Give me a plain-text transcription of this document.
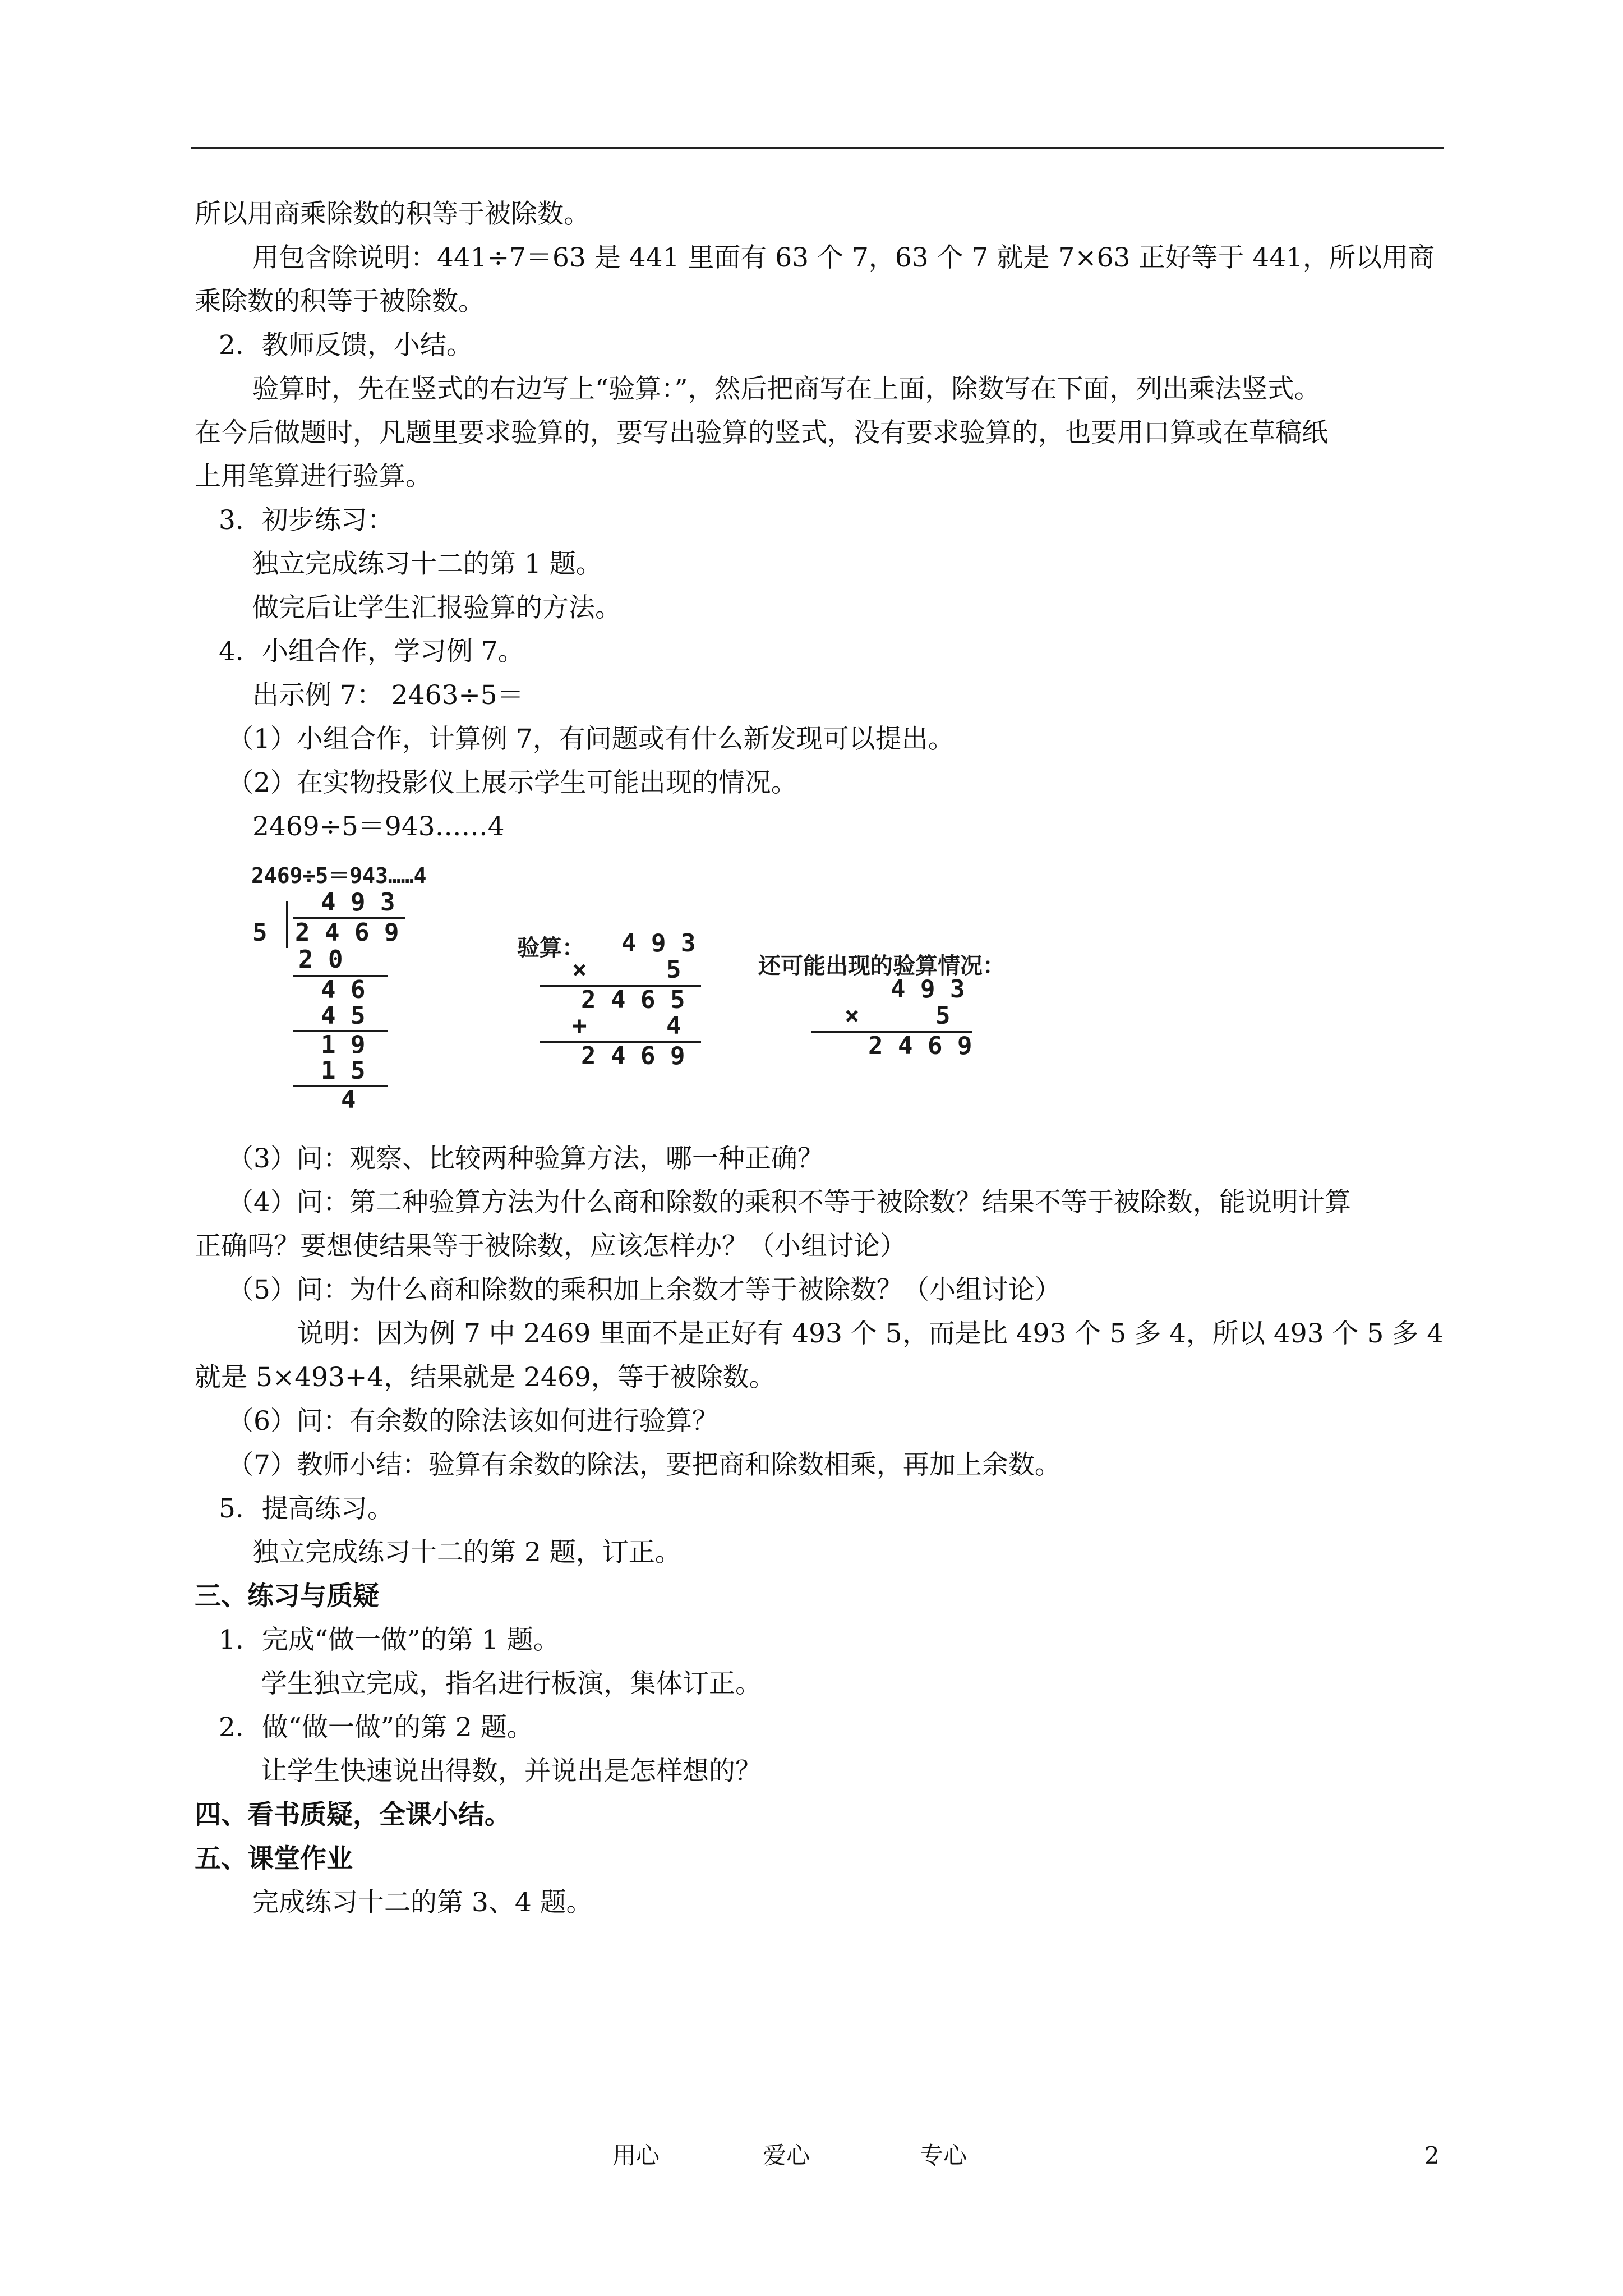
所以用商乘除数的积等于被除数。
用包含除说明：441÷7＝63 是 441 里面有 63 个 7，63 个 7 就是 7×63 正好等于 441，所以用商
乘除数的积等于被除数。
2．教师反馈，小结。
验算时，先在竖式的右边写上“验算：”，然后把商写在上面，除数写在下面，列出乘法竖式。
在今后做题时，凡题里要求验算的，要写出验算的竖式，没有要求验算的，也要用口算或在草稿纸
上用笔算进行验算。
3．初步练习：
独立完成练习十二的第 1 题。
做完后让学生汇报验算的方法。
4．小组合作，学习例 7。
出示例 7： 2463÷5＝
（1）小组合作，计算例 7，有问题或有什么新发现可以提出。
（2）在实物投影仪上展示学生可能出现的情况。
2469÷5＝943……4
2469÷5＝943……4
4 9 3
5 2 4 6 9
2 0
4 6
4 5
1 9
1 5
4
验算： 4 9 3
×	5
2 4 6 5
+	4
2 4 6 9
还可能出现的验算情况：
4 9 3
×	5
2 4 6 9
（3）问：观察、比较两种验算方法，哪一种正确？
（4）问：第二种验算方法为什么商和除数的乘积不等于被除数？结果不等于被除数，能说明计算
正确吗？要想使结果等于被除数，应该怎样办？（小组讨论）
（5）问：为什么商和除数的乘积加上余数才等于被除数？（小组讨论）
说明：因为例 7 中 2469 里面不是正好有 493 个 5，而是比 493 个 5 多 4，所以 493 个 5 多 4
就是 5×493+4，结果就是 2469，等于被除数。
（6）问：有余数的除法该如何进行验算？
（7）教师小结：验算有余数的除法，要把商和除数相乘，再加上余数。
5．提高练习。
独立完成练习十二的第 2 题，订正。
三、练习与质疑
1．完成“做一做”的第 1 题。
学生独立完成，指名进行板演，集体订正。
2．做“做一做”的第 2 题。
让学生快速说出得数，并说出是怎样想的？
四、看书质疑，全课小结。
五、课堂作业
完成练习十二的第 3、4 题。
用心	爱心	专心	2
